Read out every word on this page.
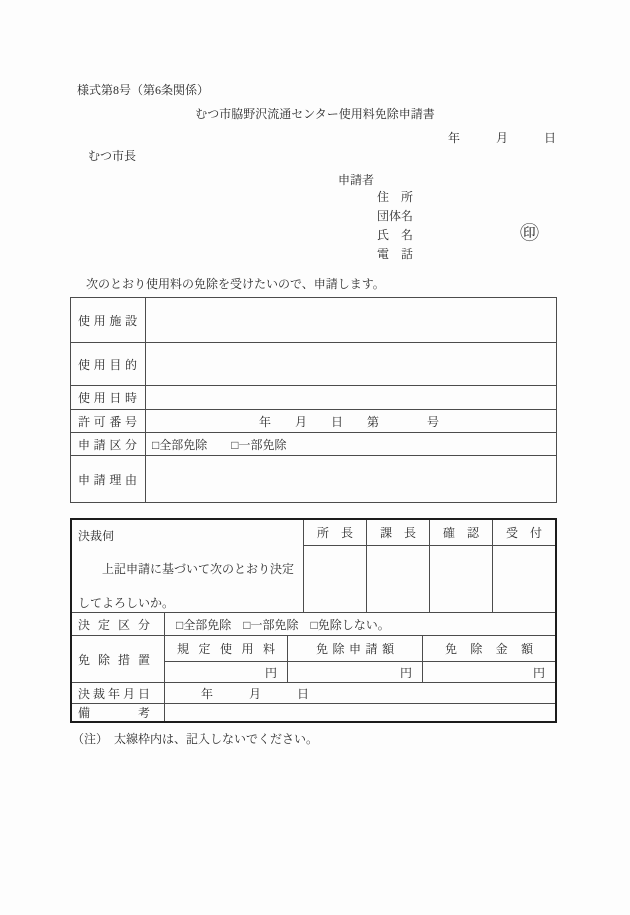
様式第8号（第6条関係）
むつ市脇野沢流通センター使用料免除申請書
年　　　月　　　日
むつ市長
申請者
住　所
団体名
氏　名
電　話
㊞
次のとおり使用料の免除を受けたいので、申請します。
使 用 施 設
使 用 目 的
使 用 日 時
許 可 番 号	年　　月　　日　　第　　　　号
申 請 区 分	□全部免除　　□一部免除
申 請 理 由
決裁伺

上記申請に基づいて次のとおり決定してよろしいか。

所　長	課　長	確　認	受　付
決 定 区 分	□全部免除　□一部免除　□免除しない。
免 除 措 置
規 定 使 用 料	免 除 申 請 額	免 除 金 額
円	円	円
決 裁 年 月 日	年　　　月　　　日
備	考
（注）　太線枠内は、記入しないでください。
